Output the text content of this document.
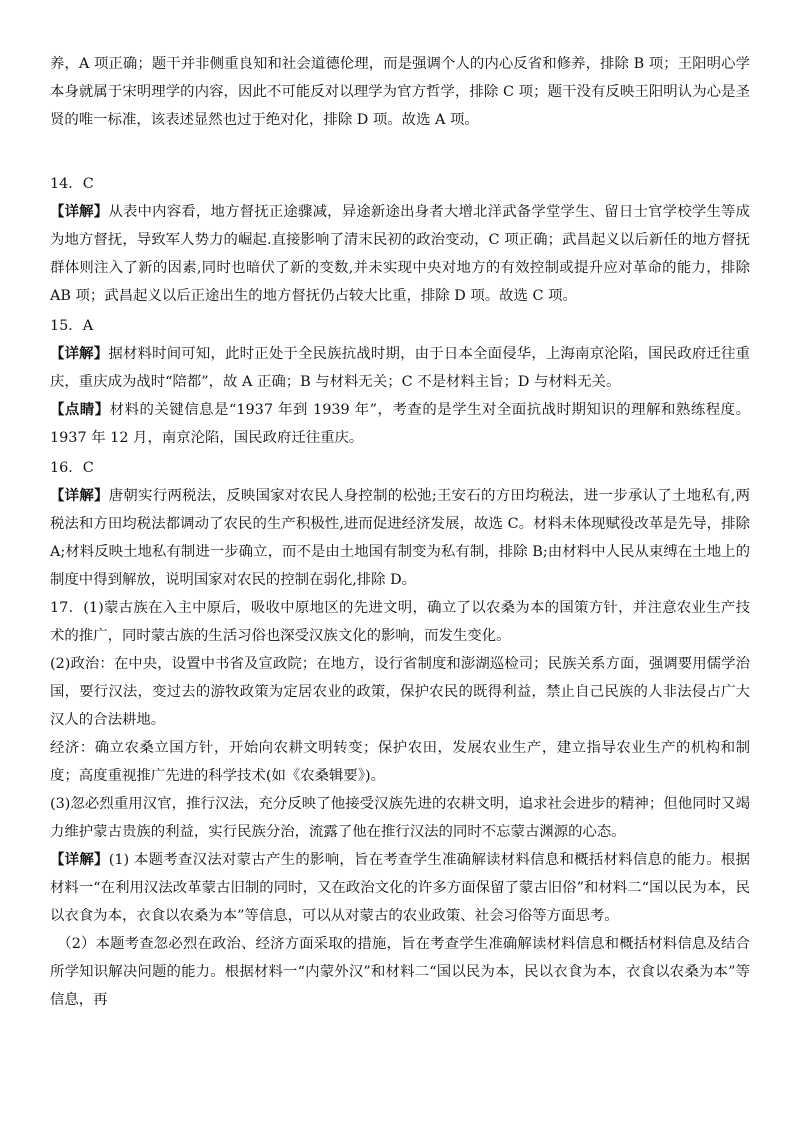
养，A 项正确；题干并非侧重良知和社会道德伦理，而是强调个人的内心反省和修养，排除 B 项；王阳明心学本身就属于宋明理学的内容，因此不可能反对以理学为官方哲学，排除 C 项；题干没有反映王阳明认为心是圣贤的唯一标准，该表述显然也过于绝对化，排除 D 项。故选 A 项。

14．C

【详解】从表中内容看，地方督抚正途骤减，异途新途出身者大增北洋武备学堂学生、留日士官学校学生等成为地方督抚，导致军人势力的崛起.直接影响了清末民初的政治变动，C 项正确；武昌起义以后新任的地方督抚群体则注入了新的因素,同时也暗伏了新的变数,并未实现中央对地方的有效控制或提升应对革命的能力，排除 AB 项；武昌起义以后正途出生的地方督抚仍占较大比重，排除 D 项。故选 C 项。

15．A

【详解】据材料时间可知，此时正处于全民族抗战时期，由于日本全面侵华，上海南京沦陷，国民政府迁往重庆，重庆成为战时“陪都”，故 A 正确；B 与材料无关；C 不是材料主旨；D 与材料无关。

【点睛】材料的关键信息是“1937 年到 1939 年”，考查的是学生对全面抗战时期知识的理解和熟练程度。1937 年 12 月，南京沦陷，国民政府迁往重庆。

16．C

【详解】唐朝实行两税法，反映国家对农民人身控制的松弛;王安石的方田均税法，进一步承认了土地私有,两税法和方田均税法都调动了农民的生产积极性,进而促进经济发展，故选 C。材料未体现赋役改革是先导，排除 A;材料反映土地私有制进一步确立，而不是由土地国有制变为私有制，排除 B;由材料中人民从束缚在土地上的制度中得到解放，说明国家对农民的控制在弱化,排除 D。

17．(1)蒙古族在入主中原后，吸收中原地区的先进文明，确立了以农桑为本的国策方针，并注意农业生产技术的推广，同时蒙古族的生活习俗也深受汉族文化的影响，而发生变化。

(2)政治：在中央，设置中书省及宣政院；在地方，设行省制度和澎湖巡检司；民族关系方面，强调要用儒学治国，要行汉法，变过去的游牧政策为定居农业的政策，保护农民的既得利益，禁止自己民族的人非法侵占广大汉人的合法耕地。

经济：确立农桑立国方针，开始向农耕文明转变；保护农田，发展农业生产，建立指导农业生产的机构和制度；高度重视推广先进的科学技术(如《农桑辑要》)。

(3)忽必烈重用汉官，推行汉法，充分反映了他接受汉族先进的农耕文明，追求社会进步的精神；但他同时又竭力维护蒙古贵族的利益，实行民族分治，流露了他在推行汉法的同时不忘蒙古渊源的心态。

【详解】(1) 本题考查汉法对蒙古产生的影响，旨在考查学生准确解读材料信息和概括材料信息的能力。根据材料一“在利用汉法改革蒙古旧制的同时，又在政治文化的许多方面保留了蒙古旧俗”和材料二“国以民为本，民以衣食为本，衣食以农桑为本”等信息，可以从对蒙古的农业政策、社会习俗等方面思考。

（2）本题考查忽必烈在政治、经济方面采取的措施，旨在考查学生准确解读材料信息和概括材料信息及结合所学知识解决问题的能力。根据材料一“内蒙外汉”和材料二“国以民为本，民以衣食为本，衣食以农桑为本”等信息，再
